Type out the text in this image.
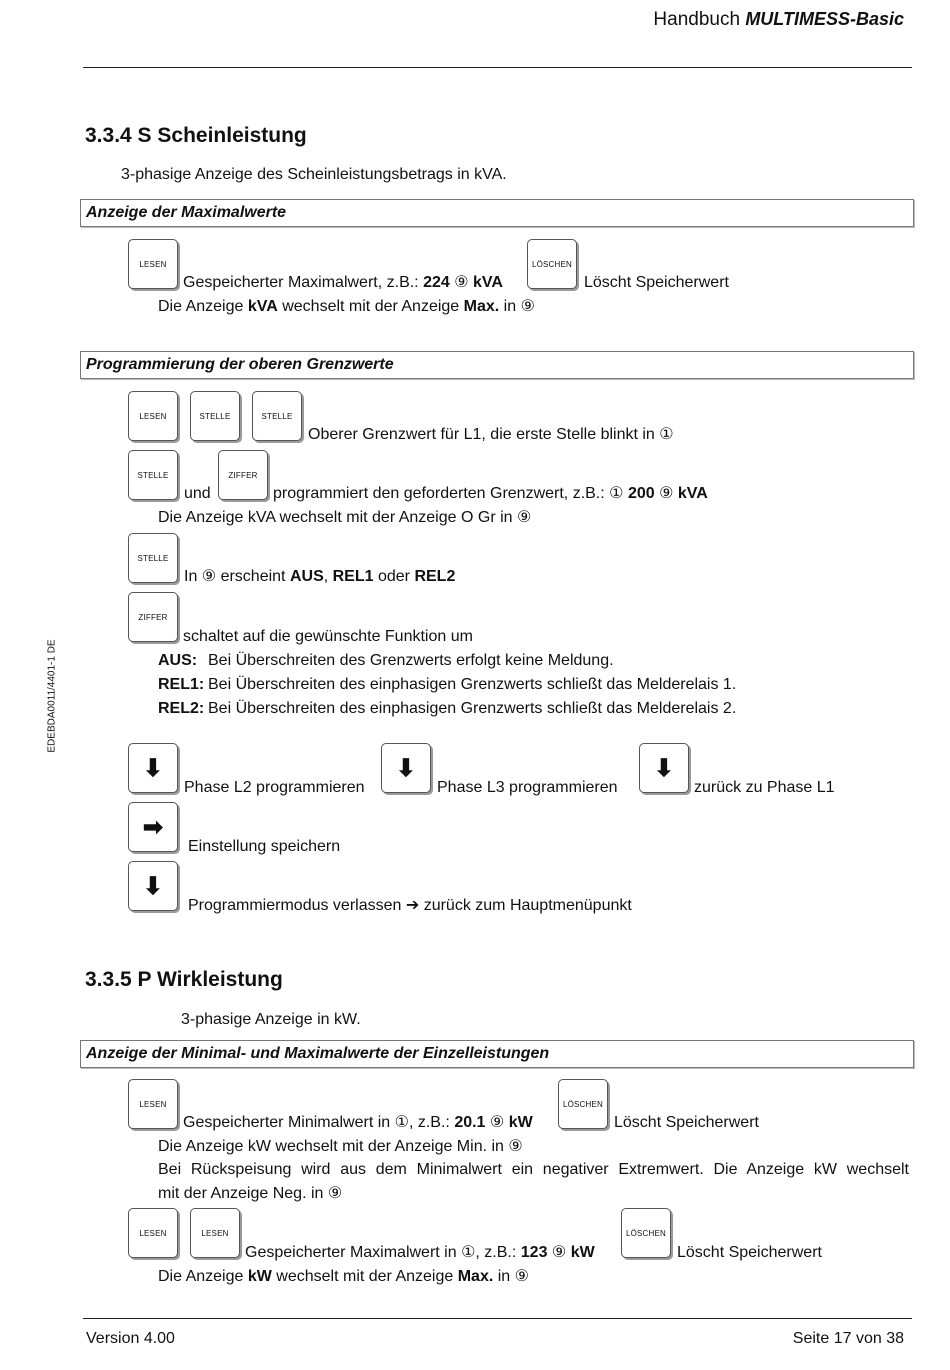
Handbuch MULTIMESS-Basic
EDEBDA0011/4401-1 DE
3.3.4 S Scheinleistung
3-phasige Anzeige des Scheinleistungsbetrags in kVA.
Anzeige der Maximalwerte
LESEN
Gespeicherter Maximalwert, z.B.: 224 ⑨ kVA
LÖSCHEN
Löscht Speicherwert
Die Anzeige kVA wechselt mit der Anzeige Max. in ⑨
Programmierung der oberen Grenzwerte
LESEN	STELLE	STELLE
Oberer Grenzwert für L1, die erste Stelle blinkt in ①
STELLE
und
ZIFFER
programmiert den geforderten Grenzwert, z.B.: ① 200 ⑨ kVA
Die Anzeige kVA wechselt mit der Anzeige O Gr in ⑨
STELLE
In ⑨ erscheint AUS, REL1 oder REL2
ZIFFER
schaltet auf die gewünschte Funktion um
AUS: Bei Überschreiten des Grenzwerts erfolgt keine Meldung.
REL1: Bei Überschreiten des einphasigen Grenzwerts schließt das Melderelais 1.
REL2: Bei Überschreiten des einphasigen Grenzwerts schließt das Melderelais 2.
⬇
Phase L2 programmieren
⬇
Phase L3 programmieren
⬇
zurück zu Phase L1
➡
Einstellung speichern
⬇
Programmiermodus verlassen ➔ zurück zum Hauptmenüpunkt
3.3.5 P Wirkleistung
3-phasige Anzeige in kW.
Anzeige der Minimal- und Maximalwerte der Einzelleistungen
LESEN
Gespeicherter Minimalwert in ①, z.B.: 20.1 ⑨ kW
LÖSCHEN
Löscht Speicherwert
Die Anzeige kW wechselt mit der Anzeige Min. in ⑨
Bei Rückspeisung wird aus dem Minimalwert ein negativer Extremwert. Die Anzeige kW wechselt
mit der Anzeige Neg. in ⑨
LESEN	LESEN
Gespeicherter Maximalwert in ①, z.B.: 123 ⑨ kW
LÖSCHEN
Löscht Speicherwert
Die Anzeige kW wechselt mit der Anzeige Max. in ⑨
Version 4.00	Seite 17 von 38
